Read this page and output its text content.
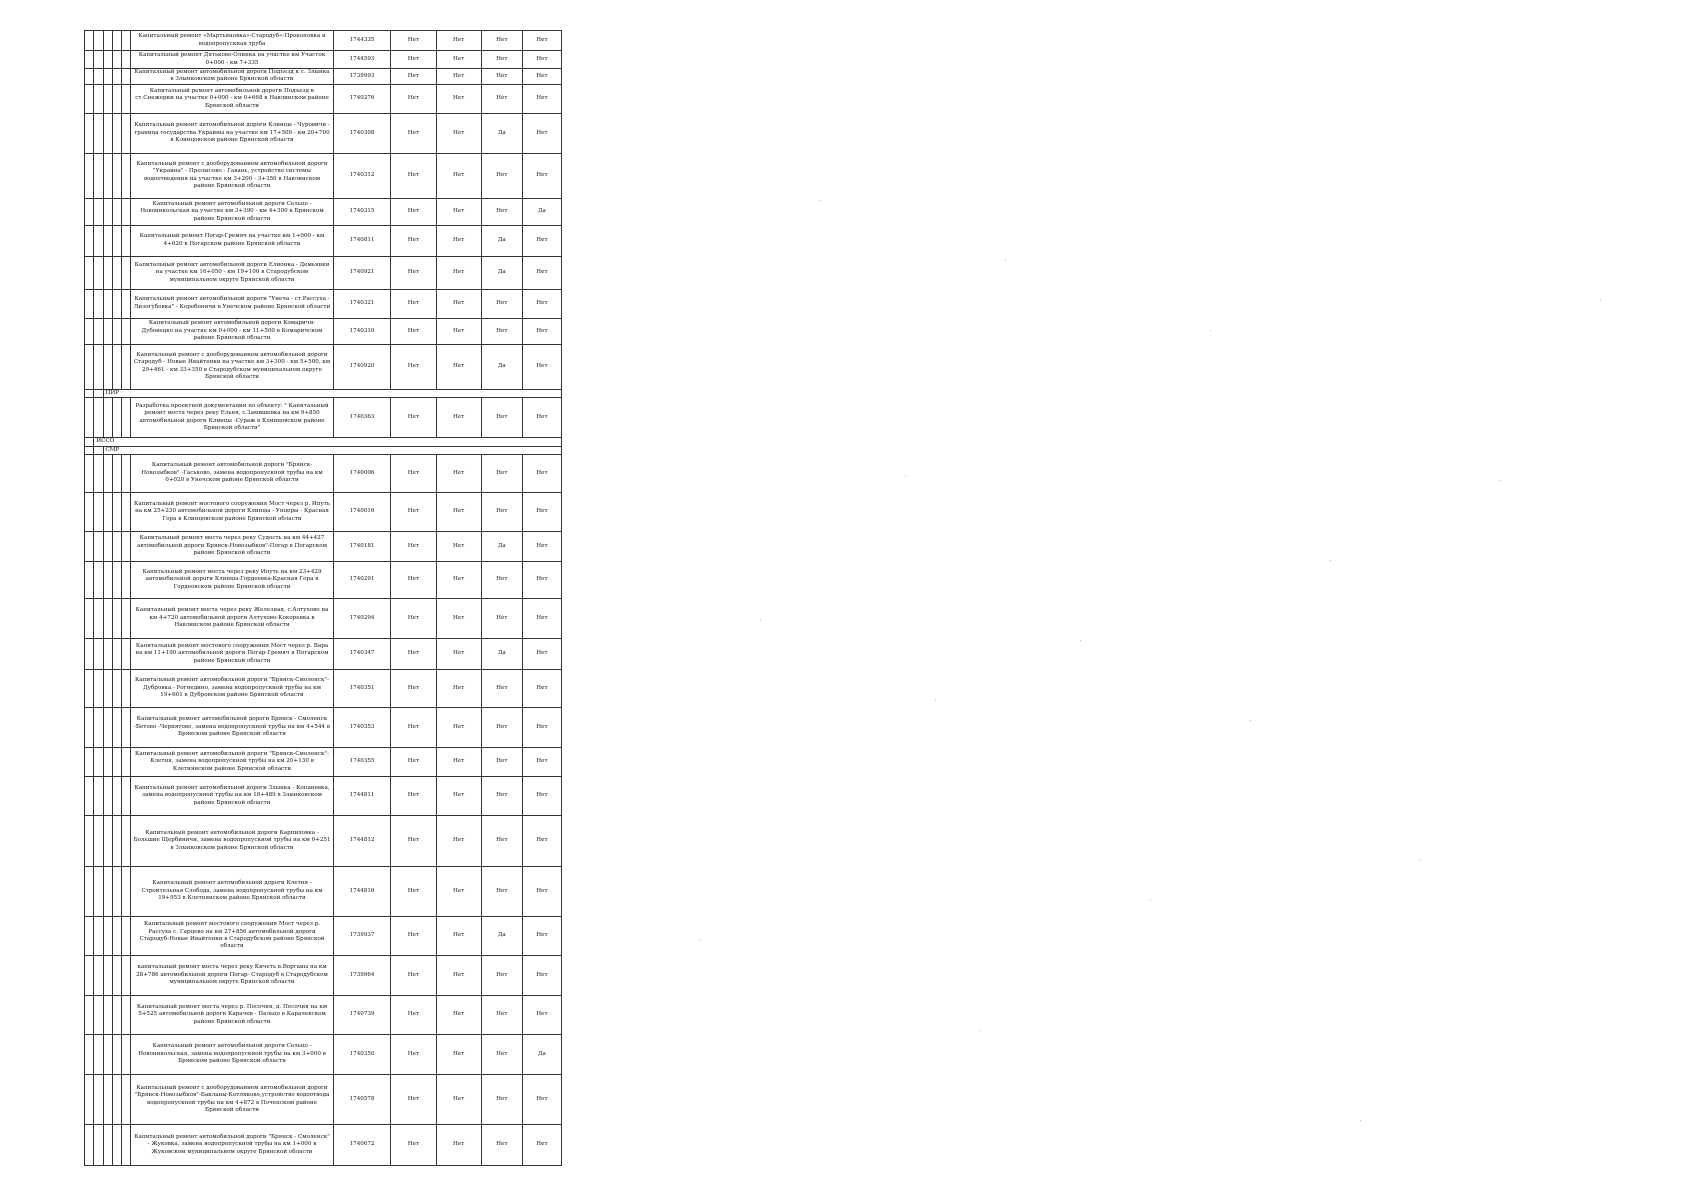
					Капитальный ремонт «Мартьяновка»-Стародуб«-Прокоповка и водопропускная труба	1744335	Нет	Нет	Нет	Нет
					Капитальный ремонт Дятьково-Олинка на участке км Участок 0+000 - км 7+335	1744593	Нет	Нет	Нет	Нет
					Капитальный ремонт автомобильной дороги Подъезд к с. Злынка в Злынковском районе Брянской области	1739993	Нет	Нет	Нет	Нет
					Капитальный ремонт автомобильной дороги Подъезд к ст.Снежерки на участке 0+000 - км 0+668 в Навлинском районе Брянской области	1740276	Нет	Нет	Нет	Нет
					Капитальный ремонт автомобильной дороги Клинцы - Чуровичи - граница государства Украины на участке км 17+500 - км 20+700 в Клинцовском районе Брянской области	1740308	Нет	Нет	Да	Нет
					Капитальный ремонт с дооборудованием автомобильной дороги "Украина" - Пролысово - Гавань, устройство системы водоотведения на участке км 3+200 - 3+350 в Навлинском районе Брянской области	1740312	Нет	Нет	Нет	Нет
					Капитальный ремонт автомобильной дороги Сельцо - Новоникольская на участке км 3+390 - км 4+300 в Брянском районе Брянской области	1740315	Нет	Нет	Нет	Да
					Капитальный ремонт Погар-Гремяч на участке км 1+000 - км 4+620 в Погарском районе Брянской области	1740811	Нет	Нет	Да	Нет
					Капитальный ремонт автомобильной дороги Елионка - Демьянки на участке км 16+050 - км 19+100 в Стародубском муниципальном округе Брянской области	1740921	Нет	Нет	Да	Нет
					Капитальный ремонт автомобильной дороги "Унеча - ст.Рассуха - Лизогубовка" - Коробоничи в Унечском районе Брянской области	1740321	Нет	Нет	Нет	Нет
					Капитальный ремонт автомобильной дороги Комаричи-Дубовецко на участке км 0+000 - км 11+500 в Комаричском районе Брянской области	1740310	Нет	Нет	Нет	Нет
					Капитальный ремонт с дооборудованием автомобильной дороги Стародуб - Новые Ивайтенки на участке км 3+300 - км 5+500, км 29+461 - км 33+350 в Стародубском муниципальном округе Брянской области	1740920	Нет	Нет	Да	Нет
		ПИР								
					Разработка проектной документации по объекту: " Капитальный ремонт моста через реку Ельня, с.Замишевка на км 9+850 автомобильной дороги Клинцы -Сураж в Клинцовском районе Брянской области"	1740363	Нет	Нет	Нет	Нет
	ИССО									
		СМР								
					Капитальный ремонт автомобильной дороги "Брянск-Новозыбков" -Гаськово, замена водопропускной трубы на км 0+020 в Унечском районе Брянской области	1740006	Нет	Нет	Нет	Нет
					Капитальный ремонт мостового сооружения Мост через р. Ипуть на км 25+230 автомобильной дороги Клинцы - Унцеры - Красная Гора в Клинцовском районе Брянской области	1740016	Нет	Нет	Нет	Нет
					Капитальный ремонт моста через реку Судость на км 44+427 автомобильной дороги Брянск-Новозыбков"-Погар в Погарском районе Брянской области	1740181	Нет	Нет	Да	Нет
					Капитальный ремонт моста через реку Ипуть на км 23+429 автомобильной дороги Клинцы-Гордеевка-Красная Гора в Гордеевском районе Брянской области	1740291	Нет	Нет	Нет	Нет
					Капитальный ремонт моста через реку Железная, с.Алтухово на км 4+720 автомобильной дороги Алтухово-Кокоревка в Навлинском районе Брянской области	1740294	Нет	Нет	Нет	Нет
					Капитальный ремонт мостового сооружения Мост через р. Вара на км 11+190 автомобильной дороги Погар-Гремяч в Погарском районе Брянской области	1740347	Нет	Нет	Да	Нет
					Капитальный ремонт автомобильной дороги "Брянск-Смоленск"-Дубровка - Рогнедино, замена водопропускной трубы на км 19+601 в Дубровском районе Брянской области	1740351	Нет	Нет	Нет	Нет
					Капитальный ремонт автомобильной дороги Брянск - Смоленск -Бетово -Чернятово, замена водопропускной трубы на км 4+544 в Брянском районе Брянской области	1740353	Нет	Нет	Нет	Нет
					Капитальный ремонт автомобильной дороги "Брянск-Смоленск"-Клетня, замена водопропускной трубы на км 20+130 в Клетнянском районе Брянской области	1740355	Нет	Нет	Нет	Нет
					Капитальный ремонт автомобильной дороги Злынка - Копаневка, замена водопропускной трубы на км 18+489 в Злынковском районе Брянской области	1744811	Нет	Нет	Нет	Нет
					Капитальный ремонт автомобильной дороги Карпиловка - Большие Щербиничи, замена водопропускной трубы на км 0+251 в Злынковском районе Брянской области	1744812	Нет	Нет	Нет	Нет
					Капитальный ремонт автомобильной дороги Клетня - Строительная Слобода, замена водопропускной трубы на км 19+953 в Клетнянском районе Брянской области	1744816	Нет	Нет	Нет	Нет
					Капитальный ремонт мостового сооружения Мост через р. Рассуха с. Гарцево на км 27+856 автомобильной дороги Стародуб-Новые Ивайтенки в Стародубском районе Брянской области	1739937	Нет	Нет	Да	Нет
					капитальный ремонт моста через реку Кичеть в.Воргаиы на км 28+786 автомобильной дороги Погар- Стародуб в Стародубском муниципальном округе Брянской области	1739964	Нет	Нет	Нет	Нет
					Капитальный ремонт моста через р. Песочня, д. Песочня на км 5+525 автомобильной дороги Карачев - Пальцо в Карачевском районе Брянской области	1740739	Нет	Нет	Нет	Нет
					Капитальный ремонт автомобильной дороги Сельцо - Новоникольская, замена водопропускной трубы на км 3+000 в Брянском районе Брянской области	1740350	Нет	Нет	Нет	Да
					Капитальный ремонт с дооборудованием автомобильной дороги "Брянск-Новозыбков"-Бакланы-Котляково,устройство водоотвода водопропускной трубы на км 4+872 в Почепском районе Брянской области	1740578	Нет	Нет	Нет	Нет
					Капитальный ремонт автомобильной дороги "Брянск - Смоленск" - Жуковка, замена водопропускной трубы на км 1+000 в Жуковском муниципальном округе Брянской области	1740672	Нет	Нет	Нет	Нет
